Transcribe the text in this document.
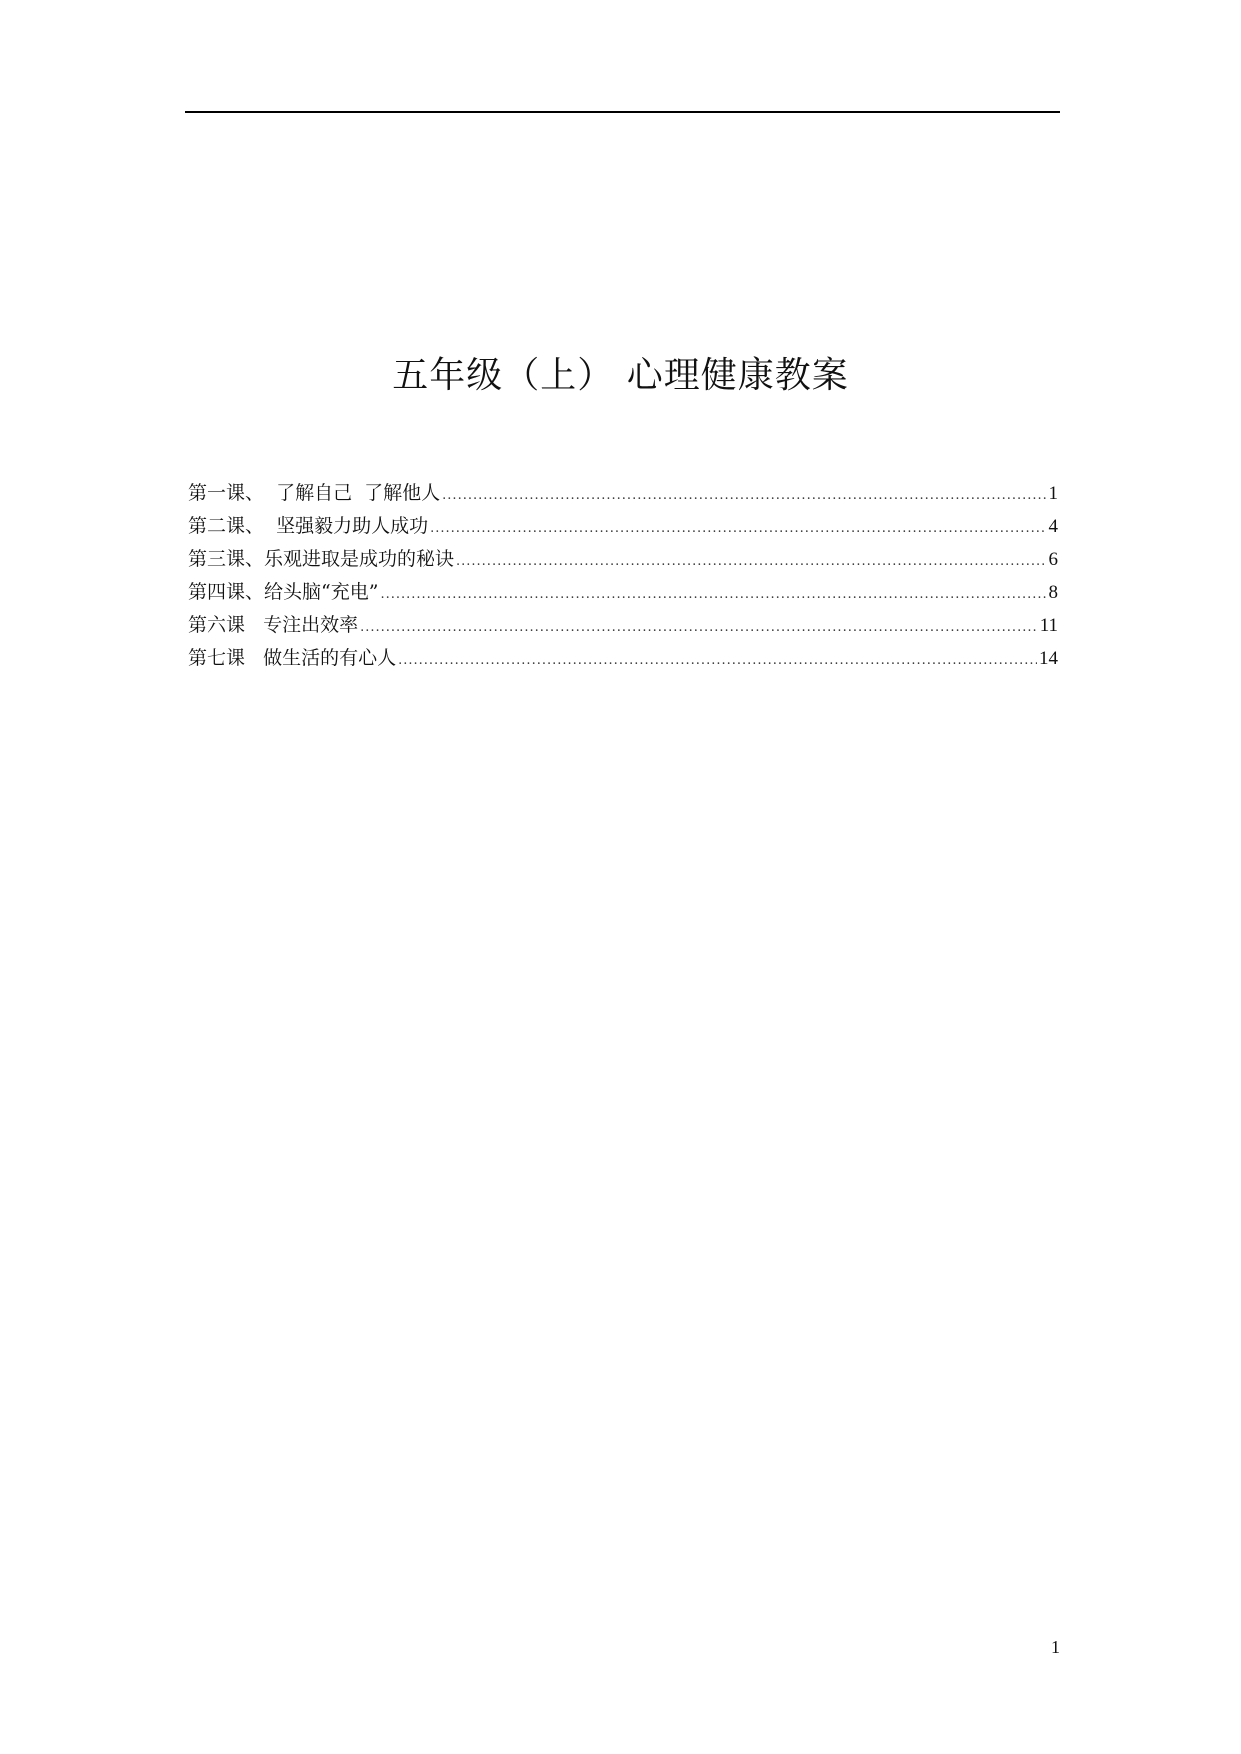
五年级（上） 心理健康教案
第一课、  了解自己  了解他人 .....	1
第二课、  坚强毅力助人成功 .....	4
第三课、乐观进取是成功的秘诀 .....	6
第四课、给头脑“充电” .....	8
第六课   专注出效率 .....	11
第七课   做生活的有心人 .....	14
1
